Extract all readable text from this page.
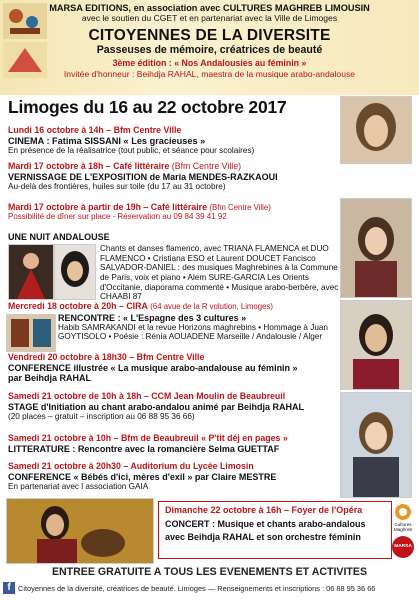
MARSA EDITIONS, en association avec CULTURES MAGHREB LIMOUSIN
avec le soutien du CGET et en partenariat avec la Ville de Limoges
CITOYENNES DE LA DIVERSITE
Passeuses de mémoire, créatrices de beauté
3ème édition : « Nos Andalousies au féminin »
Invitée d'honneur : Beihdja RAHAL, maestra de la musique arabo-andalouse
Limoges du 16 au 22 octobre 2017
Lundi 16 octobre à 14h – Bfm Centre Ville
CINEMA : Fatima SISSANI « Les gracieuses »
En présence de la réalisatrice (tout public, et séance pour scolaires)
Mardi 17 octobre à 18h – Café littéraire (Bfm Centre Ville)
VERNISSAGE DE L'EXPOSITION de Maria MENDES-RAZKAOUI
Au-delà des frontières, huiles sur toile (du 17 au 31 octobre)
Mardi 17 octobre à partir de 19h – Café littéraire (Bfm Centre Ville)
Possibilité de dîner sur place - Réservation au 09 84 39 41 92
UNE NUIT ANDALOUSE
Chants et danses flamenco, avec TRIANA FLAMENCA et DUO FLAMENCO • Cristiana ESO et Laurent DOUCET Fancisco SALVADOR-DANIEL : des musiques Maghrebines à la Commune de Paris, voix et piano • Alem SURE-GARCIA Les Orients d'Occitanie, diaporama commenté • Musique arabo-berbère, avec CHAABI 87
Mercredi 18 octobre à 20h – CIRA (64 avue de la R volution, Limoges)
RENCONTRE : « L'Espagne des 3 cultures »
Habib SAMRAKANDI et la revue Horizons maghrebins • Hommage à Juan
GOYTISOLO • Poésie : Rénia AOUADENE Marseille / Andalousie / Alger
Vendredi 20 octobre à 18h30 – Bfm Centre Ville
CONFERENCE illustrée « La musique arabo-andalouse au féminin »
par Beihdja RAHAL
Samedi 21 octobre de 10h à 18h – CCM Jean Moulin de Beaubreuil
STAGE d'Initiation au chant arabo-andalou animé par Beihdja RAHAL
(20 places – gratuit – inscription au 06 88 95 36 66)
Samedi 21 octobre à 10h – Bfm de Beaubreuil « P'tit déj en pages »
LITTERATURE : Rencontre avec la romancière Selma GUETTAF
Samedi 21 octobre à 20h30 – Auditorium du Lycée Limosin
CONFERENCE « Bébés d'ici, mères d'exil » par Claire MESTRE
En partenariat avec l association GAIA
Dimanche 22 octobre à 16h – Foyer de l'Opéra
CONCERT : Musique et chants arabo-andalous
avec Beihdja RAHAL et son orchestre féminin
Cultures Maghreb
MARSA
ENTREE GRATUITE A TOUS LES EVENEMENTS ET ACTIVITES
f Citoyennes de la diversité, créatrices de beauté. Limoges — Renseignements et inscriptions : 06 88 95 36 66
